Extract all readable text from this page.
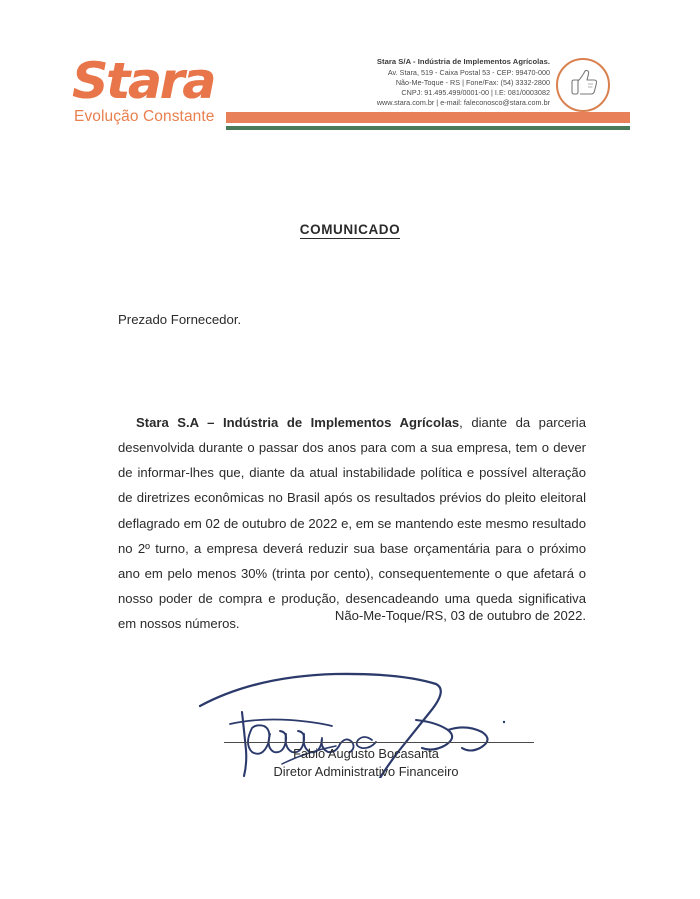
Stara
Evolução Constante
Stara S/A - Indústria de Implementos Agrícolas.
Av. Stara, 519 - Caixa Postal 53 - CEP: 99470-000
Não-Me-Toque - RS | Fone/Fax: (54) 3332-2800
CNPJ: 91.495.499/0001-00 | I.E: 081/0003082
www.stara.com.br | e-mail: faleconosco@stara.com.br
COMUNICADO
Prezado Fornecedor.

Stara S.A – Indústria de Implementos Agrícolas, diante da parceria desenvolvida durante o passar dos anos para com a sua empresa, tem o dever de informar-lhes que, diante da atual instabilidade política e possível alteração de diretrizes econômicas no Brasil após os resultados prévios do pleito eleitoral deflagrado em 02 de outubro de 2022 e, em se mantendo este mesmo resultado no 2º turno, a empresa deverá reduzir sua base orçamentária para o próximo ano em pelo menos 30% (trinta por cento), consequentemente o que afetará o nosso poder de compra e produção, desencadeando uma queda significativa em nossos números.

Não-Me-Toque/RS, 03 de outubro de 2022.
Fabio Augusto Bocasanta
Diretor Administrativo Financeiro
